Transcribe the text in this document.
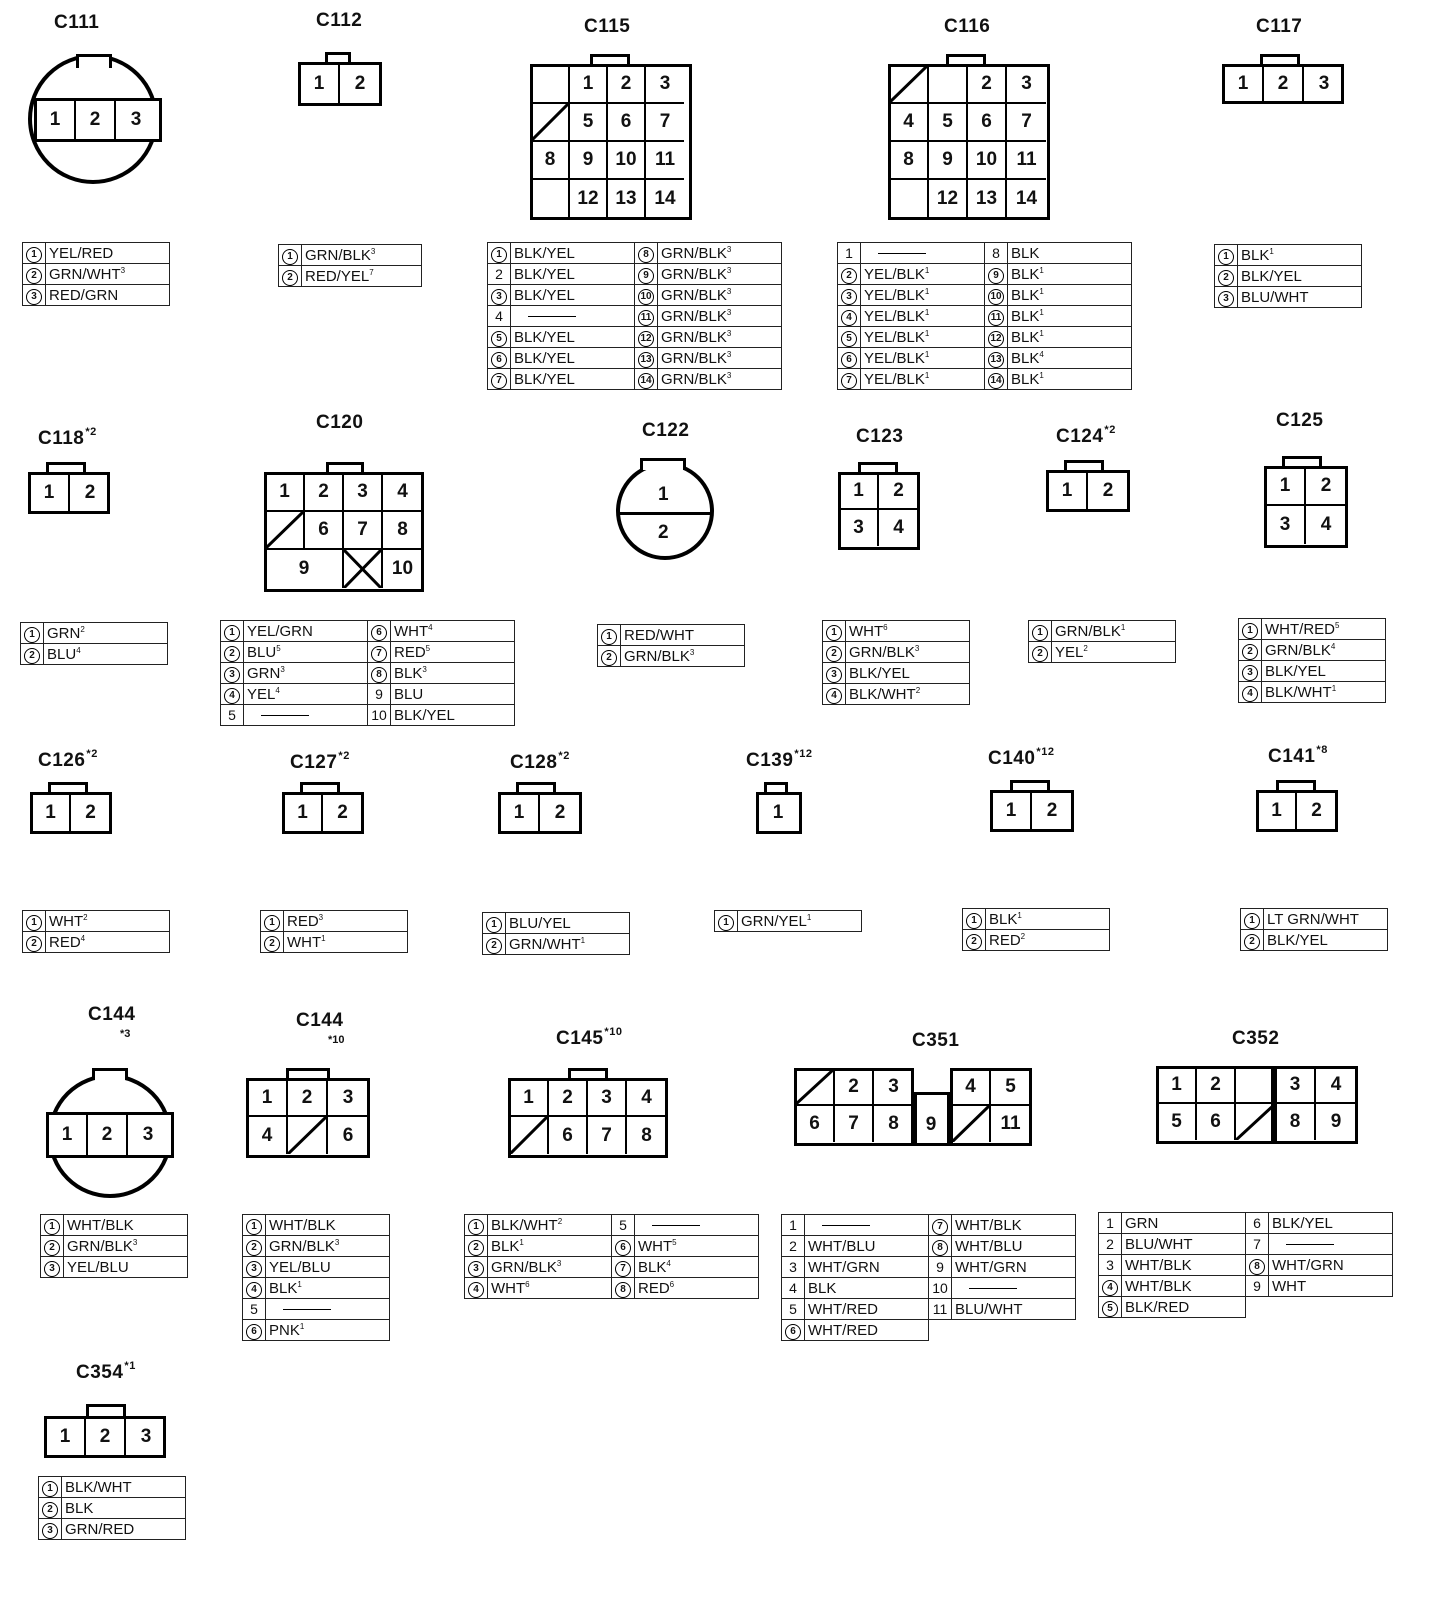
C111
1	2	3
1	YEL/RED
2	GRN/WHT$^3$
3	RED/GRN
C112
1	2
1	GRN/BLK$^3$
2	RED/YEL$^7$
C115
1	2	3
5	6	7
8	9	10 11
12 13 14
1	BLK/YEL	8	GRN/BLK$^3$
2	BLK/YEL	9	GRN/BLK$^3$
3	BLK/YEL	10	GRN/BLK$^3$
4		11	GRN/BLK$^3$
5	BLK/YEL	12	GRN/BLK$^3$
6	BLK/YEL	13	GRN/BLK$^3$
7	BLK/YEL	14	GRN/BLK$^3$
C116
2	3
4	5	6	7
8	9	10	11
12 13 14
1		8	BLK
2	YEL/BLK$^1$	9	BLK$^1$
3	YEL/BLK$^1$	10	BLK$^1$
4	YEL/BLK$^1$	11	BLK$^1$
5	YEL/BLK$^1$	12	BLK$^1$
6	YEL/BLK$^1$	13	BLK$^4$
7	YEL/BLK$^1$	14	BLK$^1$
C117
1	2	3
1	BLK$^1$
2	BLK/YEL
3	BLU/WHT
C118$^{*2}$
1	2
1	GRN$^2$
2	BLU$^4$
C120
1	2	3	4
6	7	8
9	10
1	YEL/GRN	6	WHT$^4$
2	BLU$^5$	7	RED$^5$
3	GRN$^3$	8	BLK$^3$
4	YEL$^4$	9	BLU
5		10	BLK/YEL
C122
1
2
1	RED/WHT
2	GRN/BLK$^3$
C123
1	2
3	4
1	WHT$^6$
2	GRN/BLK$^3$
3	BLK/YEL
4	BLK/WHT$^2$
C124$^{*2}$
1	2
1	GRN/BLK$^1$
2	YEL$^2$
C125
1	2
3	4
1	WHT/RED$^5$
2	GRN/BLK$^4$
3	BLK/YEL
4	BLK/WHT$^1$
C126$^{*2}$
1	2
1	WHT$^2$
2	RED$^4$
C127$^{*2}$
1	2
1	RED$^3$
2	WHT$^1$
C128$^{*2}$
1	2
1	BLU/YEL
2	GRN/WHT$^1$
C139$^{*12}$
1
1	GRN/YEL$^1$
C140$^{*12}$
1	2
1	BLK$^1$
2	RED$^2$
C141$^{*8}$
1	2
1	LT GRN/WHT
2	BLK/YEL
C144
*3
1	2	3
1	WHT/BLK
2	GRN/BLK$^3$
3	YEL/BLU
C144
*10
1	2	3
4	6
1	WHT/BLK
2	GRN/BLK$^3$
3	YEL/BLU
4	BLK$^1$
5	
6	PNK$^1$
C145$^{*10}$
1	2	3	4
6	7	8
1	BLK/WHT$^2$	5	
2	BLK$^1$	6	WHT$^5$
3	GRN/BLK$^3$	7	BLK$^4$
4	WHT$^6$	8	RED$^6$
C351
2	3
6	7	8	9
4	5
11
1		7	WHT/BLK
2	WHT/BLU	8	WHT/BLU
3	WHT/GRN	9	WHT/GRN
4	BLK	10	
5	WHT/RED	11	BLU/WHT
6	WHT/RED		
C352
1	2
5	6
3	4
8	9
1	GRN	6	BLK/YEL
2	BLU/WHT	7	
3	WHT/BLK	8	WHT/GRN
4	WHT/BLK	9	WHT
5	BLK/RED		
C354$^{*1}$
1	2	3
1	BLK/WHT
2	BLK
3	GRN/RED
